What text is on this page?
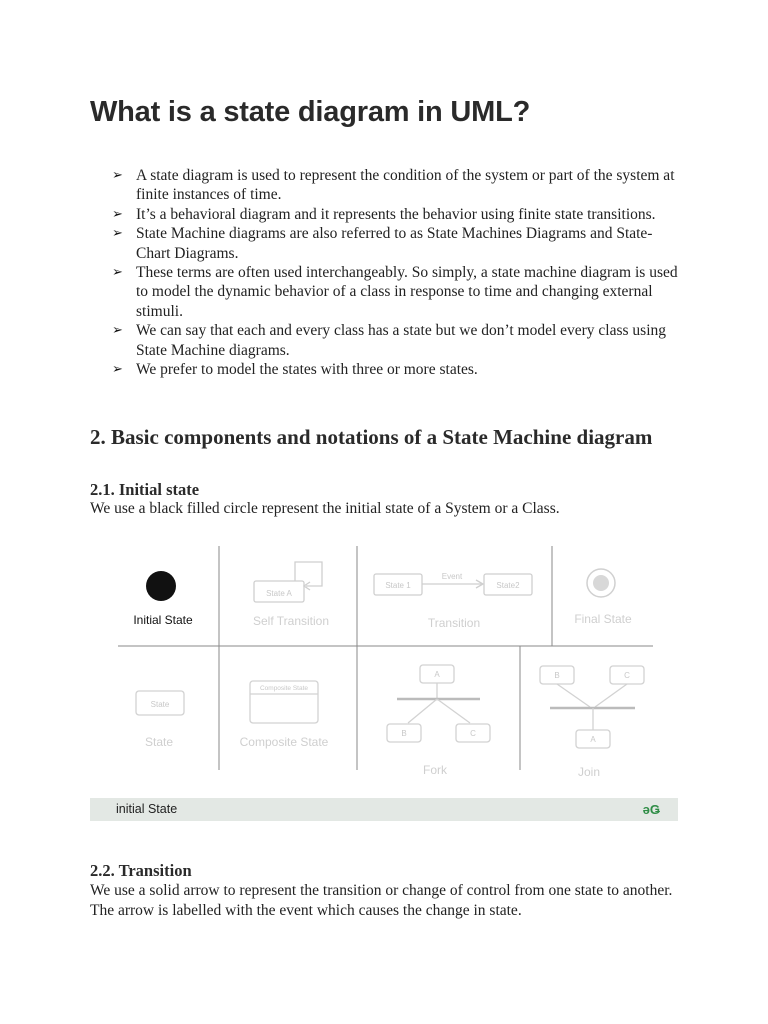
What is a state diagram in UML?
➢ A state diagram is used to represent the condition of the system or part of the system at finite instances of time.
➢ It’s a behavioral diagram and it represents the behavior using finite state transitions.
➢ State Machine diagrams are also referred to as State Machines Diagrams and State-Chart Diagrams.
➢ These terms are often used interchangeably. So simply, a state machine diagram is used to model the dynamic behavior of a class in response to time and changing external stimuli.
➢ We can say that each and every class has a state but we don’t model every class using State Machine diagrams.
➢ We prefer to model the states with three or more states.
2. Basic components and notations of a State Machine diagram
2.1. Initial state

We use a black filled circle represent the initial state of a System or a Class.

Initial State
State A
Self Transition
State 1	State2
Event
Transition	Final State
State
State
Composite State
Composite State
A
B	C
Fork
B	C
A
Join
initial State	ǝǤ
2.2. Transition

We use a solid arrow to represent the transition or change of control from one state to another. The arrow is labelled with the event which causes the change in state.
